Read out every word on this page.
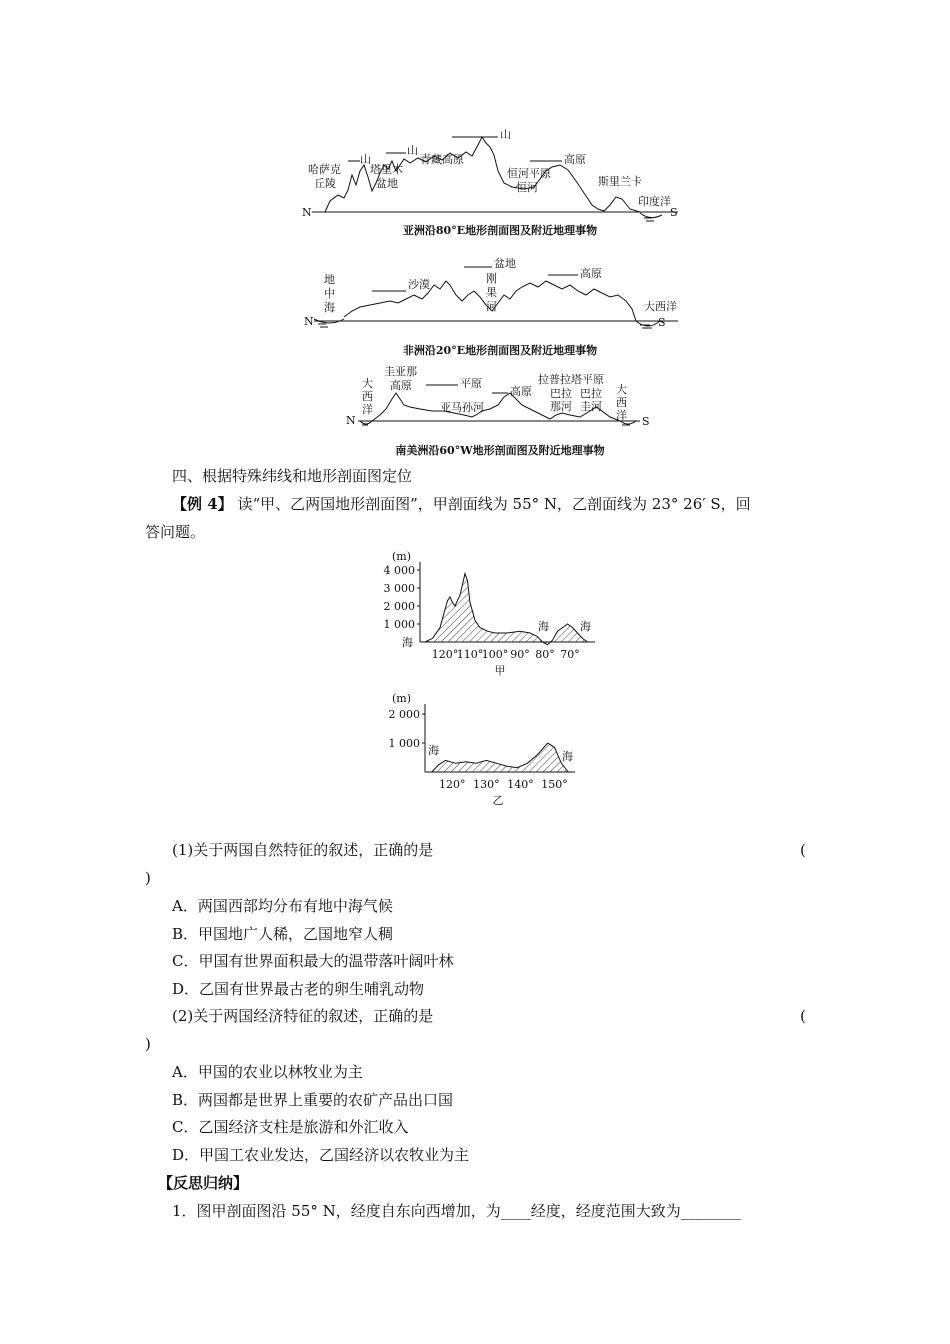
哈萨克
丘陵
山
塔里木
盆地
山
青藏高原
山
恒河平原
恒河
高原
斯里兰卡
印度洋
N	S
亚洲沿80°E地形剖面图及附近地理事物
地
中
海
沙漠
盆地
刚
果
河
高原
大西洋
N	S
非洲沿20°E地形剖面图及附近地理事物
大
西
洋
圭亚那
高原	平原
亚马孙河
高原
拉普拉塔平原
巴拉
那河
巴拉
圭河
大
西
洋
N	S
南美洲沿60°W地形剖面图及附近地理事物
四、根据特殊纬线和地形剖面图定位
【例 4】 读“甲、乙两国地形剖面图”，甲剖面线为 55° N，乙剖面线为 23° 26′ S，回
答问题。
4 000
3 000
2 000
1 000
120°
110°
100° 90° 80° 70°
(m)
海
海	海
甲
2 000
1 000
120° 130° 140° 150°
(m)
海	海
乙
(1)关于两国自然特征的叙述，正确的是	(
)
A．两国西部均分布有地中海气候
B．甲国地广人稀，乙国地窄人稠
C．甲国有世界面积最大的温带落叶阔叶林
D．乙国有世界最古老的卵生哺乳动物
(2)关于两国经济特征的叙述，正确的是	(
)
A．甲国的农业以林牧业为主
B．两国都是世界上重要的农矿产品出口国
C．乙国经济支柱是旅游和外汇收入
D．甲国工农业发达，乙国经济以农牧业为主
【反思归纳】
1．图甲剖面图沿 55° N，经度自东向西增加，为____经度，经度范围大致为________
